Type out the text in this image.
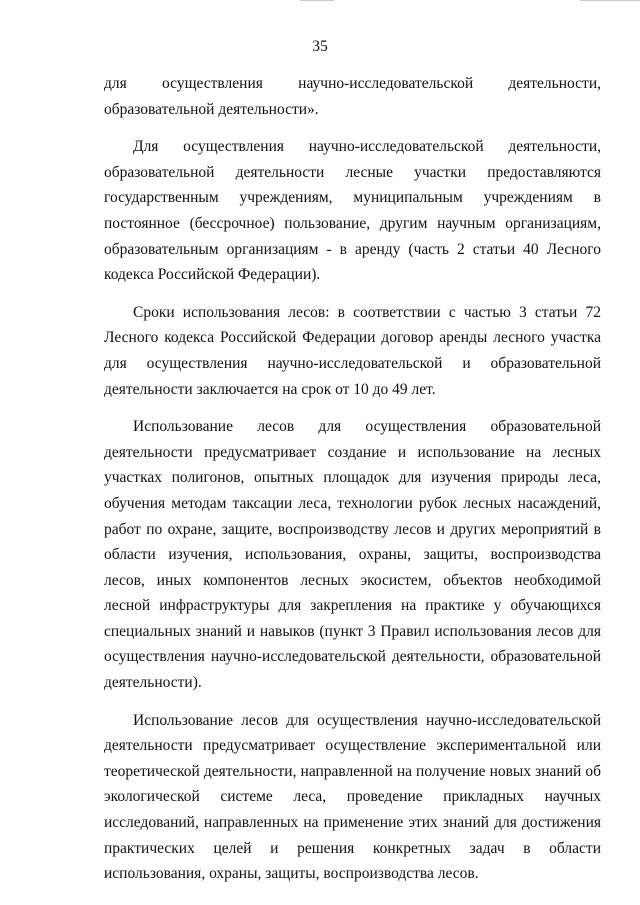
35

для осуществления научно-исследовательской деятельности,

образовательной деятельности».

Для осуществления научно-исследовательской деятельности, образовательной деятельности лесные участки предоставляются государственным учреждениям, муниципальным учреждениям в постоянное (бессрочное) пользование, другим научным организациям, образовательным организациям - в аренду (часть 2 статьи 40 Лесного кодекса Российской Федерации).

Сроки использования лесов: в соответствии с частью 3 статьи 72 Лесного кодекса Российской Федерации договор аренды лесного участка для осуществления научно-исследовательской и образовательной деятельности заключается на срок от 10 до 49 лет.

Использование лесов для осуществления образовательной деятельности предусматривает создание и использование на лесных участках полигонов, опытных площадок для изучения природы леса, обучения методам таксации леса, технологии рубок лесных насаждений, работ по охране, защите, воспроизводству лесов и других мероприятий в области изучения, использования, охраны, защиты, воспроизводства лесов, иных компонентов лесных экосистем, объектов необходимой лесной инфраструктуры для закрепления на практике у обучающихся специальных знаний и навыков (пункт 3 Правил использования лесов для осуществления научно-исследовательской деятельности, образовательной деятельности).

Использование лесов для осуществления научно-исследовательской деятельности предусматривает осуществление экспериментальной или теоретической деятельности, направленной на получение новых знаний об экологической системе леса, проведение прикладных научных исследований, направленных на применение этих знаний для достижения практических целей и решения конкретных задач в области использования, охраны, защиты, воспроизводства лесов.
